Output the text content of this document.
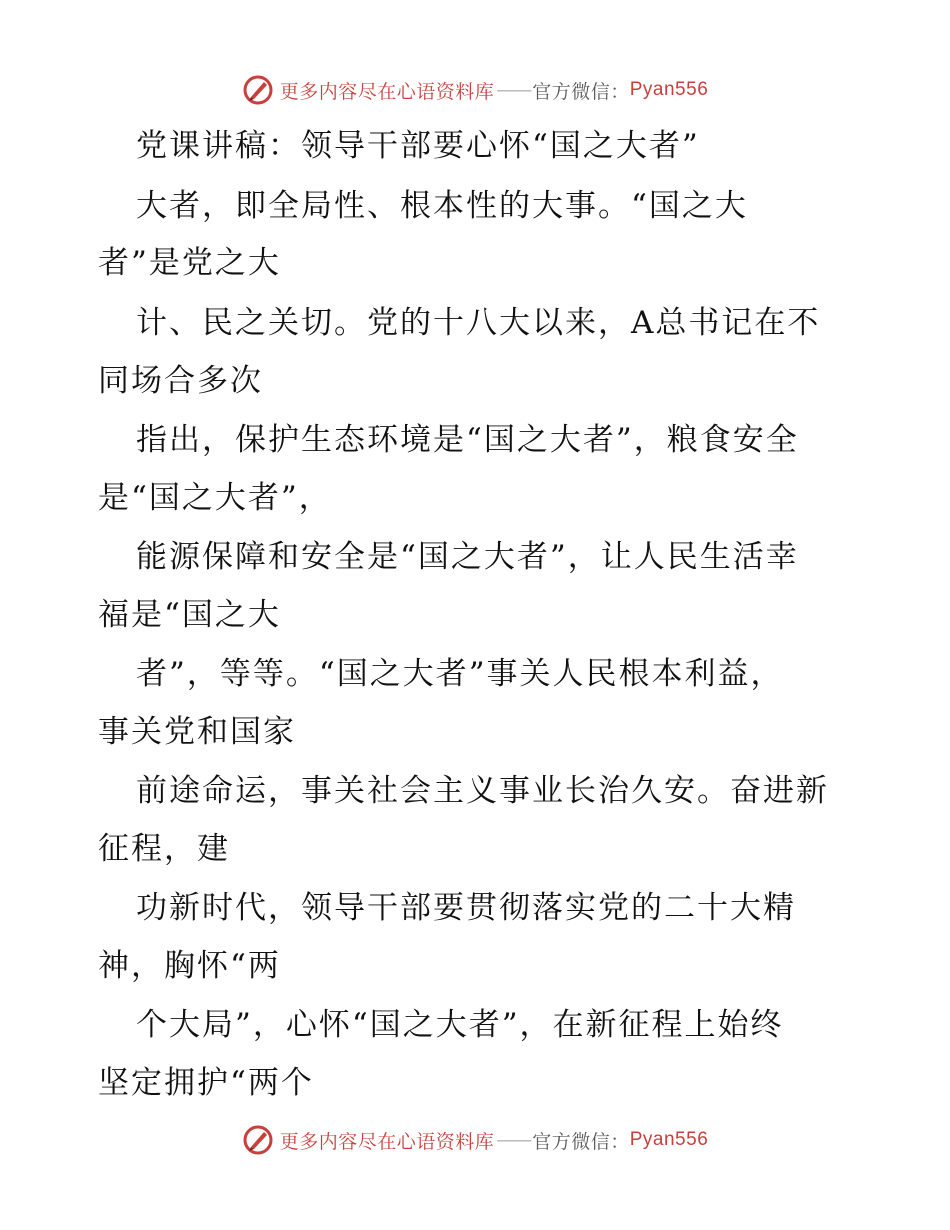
更多内容尽在心语资料库 —— 官方微信： Pyan556
党课讲稿：领导干部要心怀“国之大者”
大者，即全局性、根本性的大事。“国之大
者”是党之大
计、民之关切。党的十八大以来，A总书记在不
同场合多次
指出，保护生态环境是“国之大者”，粮食安全
是“国之大者”，
能源保障和安全是“国之大者”，让人民生活幸
福是“国之大
者”，等等。“国之大者”事关人民根本利益，
事关党和国家
前途命运，事关社会主义事业长治久安。奋进新
征程，建
功新时代，领导干部要贯彻落实党的二十大精
神，胸怀“两
个大局”，心怀“国之大者”，在新征程上始终
坚定拥护“两个
更多内容尽在心语资料库 —— 官方微信： Pyan556
